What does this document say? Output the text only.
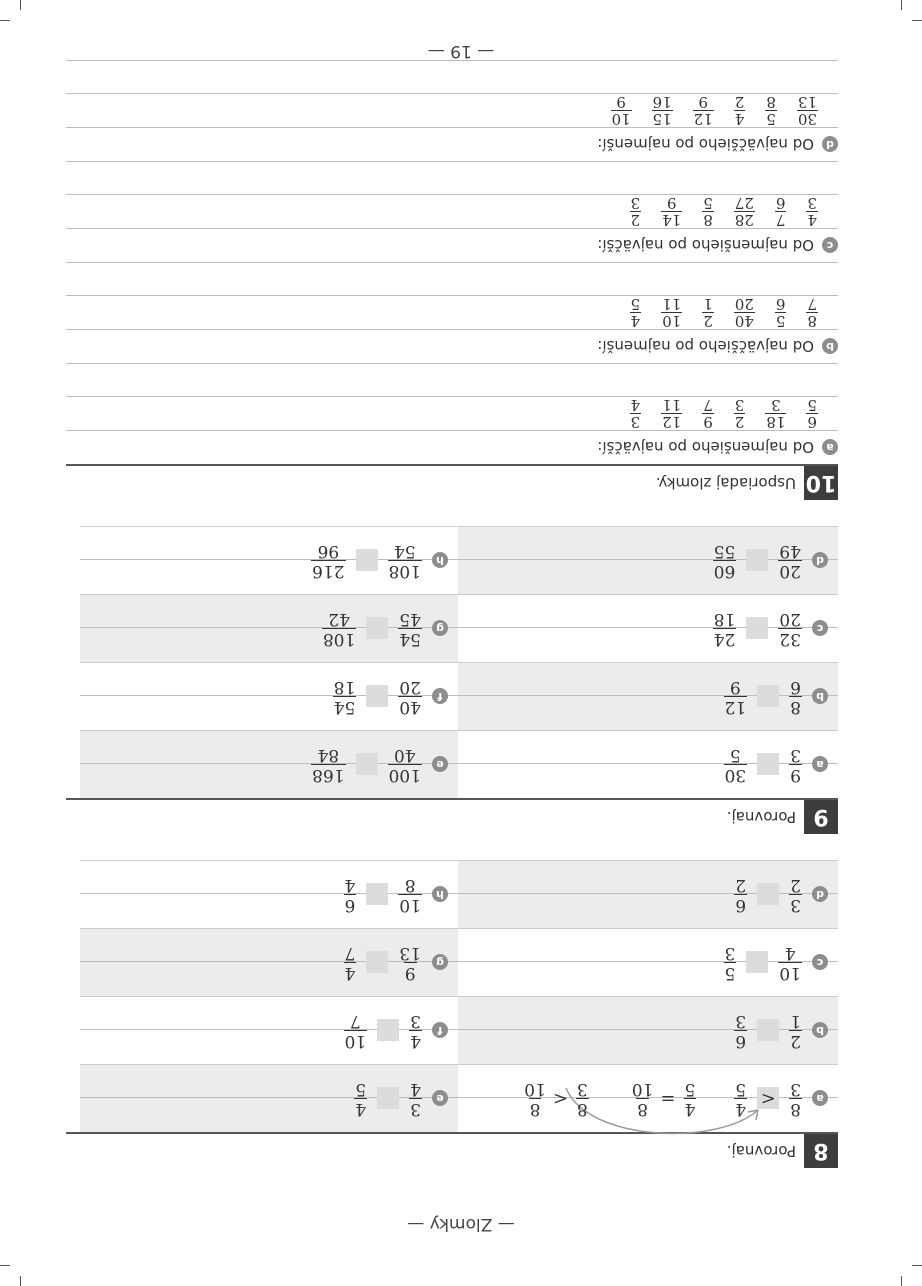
— Zlomky —
8
Porovnaj.
a
8
3
<
4
5
4
5
=
8
10
8
3
<
8
10
b
2
1
6
3
c
10
4
5
3
d
3
2
6
2
e
3
4
4
5
f
4
3
10
7
g
9
13
4
7
h
10
8
6
4
9
Porovnaj.
a
9
3
30
5
b
8
6
12
9
c
32
20
24
18
d
20
49
60
55
e
100
40
168
84
f
40
20
54
18
g
54
45
108
42
h
108
54
216
96
10
Usporiadaj zlomky.
a
Od najmenšieho po najväčší:
6
5
18
3
2
3
9
7
12
11
3
4
b
Od najväčšieho po najmenší:
8
7
5
6
40
20
2
1
10
11
4
5
c
Od najmenšieho po najväčší:
4
3
7
6
28
27
8
5
14
9
2
3
d
Od najväčšieho po najmenší:
30
13
5
8
4
2
12
9
15
16
10
9
— 19 —
